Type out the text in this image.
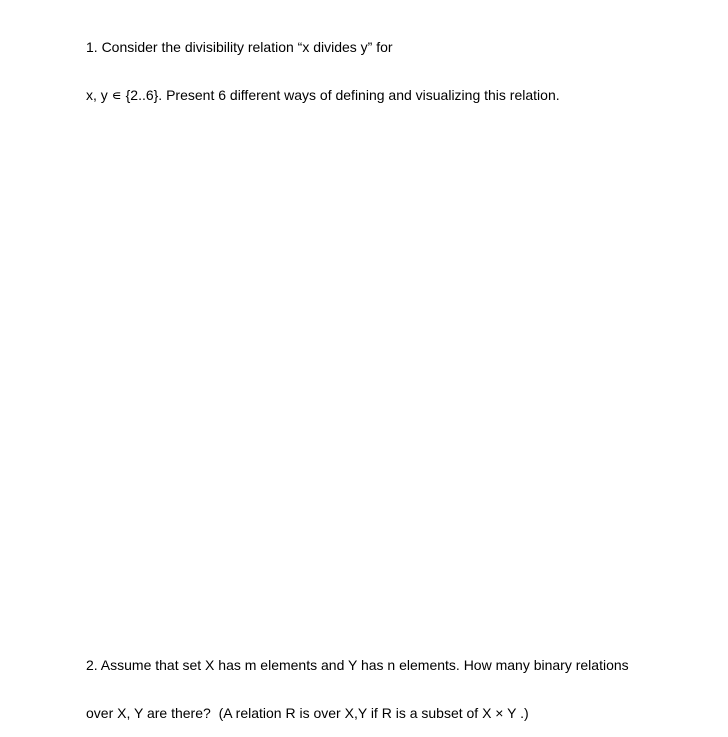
1. Consider the divisibility relation “x divides y” for

x, y ∊ {2..6}. Present 6 different ways of defining and visualizing this relation.

2. Assume that set X has m elements and Y has n elements. How many binary relations

over X, Y are there?  (A relation R is over X,Y if R is a subset of X × Y .)
